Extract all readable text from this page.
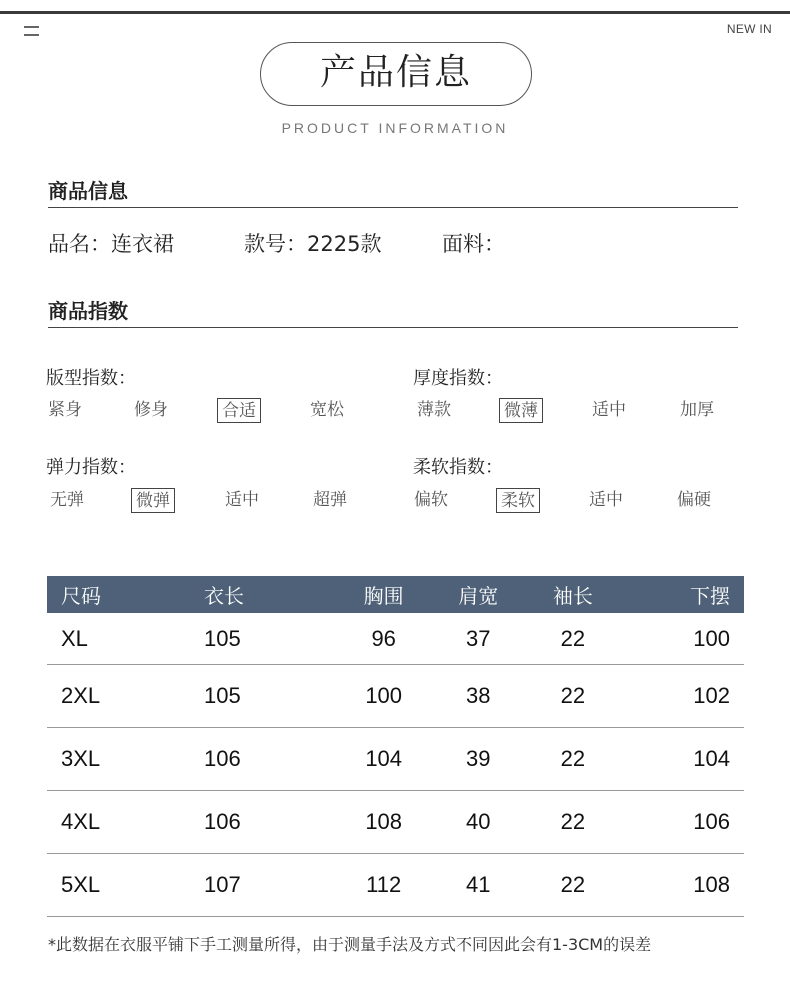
NEW IN
产品信息
PRODUCT INFORMATION
商品信息
品名：连衣裙	款号：2225款	面料：
商品指数
版型指数：
紧身	修身	合适	宽松
厚度指数：
薄款	微薄	适中	加厚
弹力指数：
无弹	微弹	适中	超弹
柔软指数：
偏软	柔软	适中	偏硬
尺码	衣长	胸围	肩宽	袖长	下摆
XL	105	96	37	22	100
2XL	105	100	38	22	102
3XL	106	104	39	22	104
4XL	106	108	40	22	106
5XL	107	112	41	22	108
*此数据在衣服平铺下手工测量所得，由于测量手法及方式不同因此会有1-3CM的误差
